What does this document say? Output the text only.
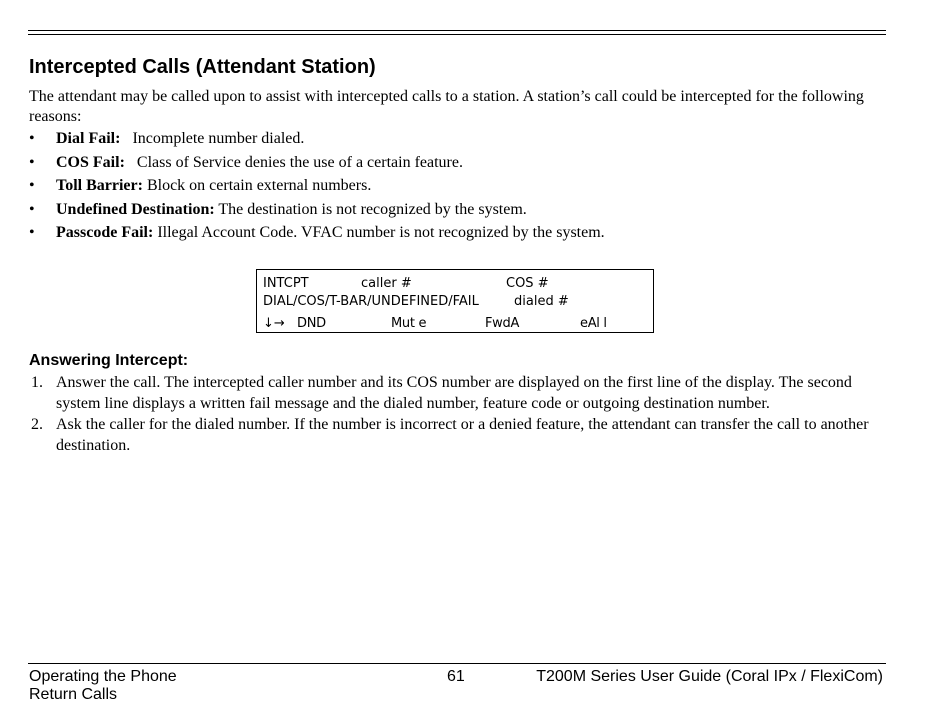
Intercepted Calls (Attendant Station)

The attendant may be called upon to assist with intercepted calls to a station. A station’s call could be intercepted for the following reasons:

• Dial Fail: Incomplete number dialed.
• COS Fail: Class of Service denies the use of a certain feature.
• Toll Barrier: Block on certain external numbers.
• Undefined Destination: The destination is not recognized by the system.
• Passcode Fail: Illegal Account Code. VFAC number is not recognized by the system.
INTCPT	caller #	COS #
DIAL/COS/T-BAR/UNDEFINED/FAIL	dialed #
↓→ DND	Mut e	FwdA	eAl l
Answering Intercept:
1. Answer the call. The intercepted caller number and its COS number are displayed on the first line of the display. The second system line displays a written fail message and the dialed number, feature code or outgoing destination number.
2. Ask the caller for the dialed number. If the number is incorrect or a denied feature, the attendant can transfer the call to another destination.
Operating the Phone
Return Calls
61	T200M Series User Guide (Coral IPx / FlexiCom)
